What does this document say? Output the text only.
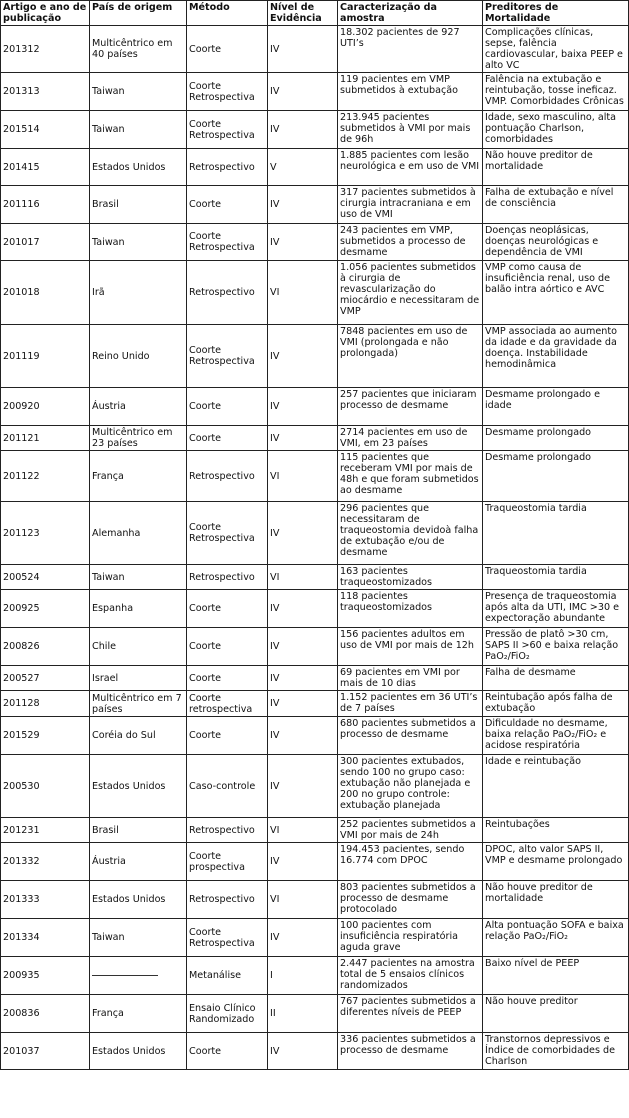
Artigo e ano de publicação	País de origem	Método	Nível de Evidência	Caracterização da amostra	Preditores de Mortalidade
201312	Multicêntrico em 40 países	Coorte	IV	18.302 pacientes de 927 UTI’s	Complicações clínicas, sepse, falência cardiovascular, baixa PEEP e alto VC
201313	Taiwan	Coorte Retrospectiva	IV	119 pacientes em VMP submetidos à extubação	Falência na extubação e reintubação, tosse ineficaz. VMP. Comorbidades Crônicas
201514	Taiwan	Coorte Retrospectiva	IV	213.945 pacientes submetidos à VMI por mais de 96h	Idade, sexo masculino, alta pontuação Charlson, comorbidades
201415	Estados Unidos	Retrospectivo	V	1.885 pacientes com lesão neurológica e em uso de VMI	Não houve preditor de mortalidade
201116	Brasil	Coorte	IV	317 pacientes submetidos à cirurgia intracraniana e em uso de VMI	Falha de extubação e nível de consciência
201017	Taiwan	Coorte Retrospectiva	IV	243 pacientes em VMP, submetidos a processo de desmame	Doenças neoplásicas, doenças neurológicas e dependência de VMI
201018	Irã	Retrospectivo	VI	1.056 pacientes submetidos à cirurgia de revascularização do miocárdio e necessitaram de VMP	VMP como causa de insuficiência renal, uso de balão intra aórtico e AVC
201119	Reino Unido	Coorte Retrospectiva	IV	7848 pacientes em uso de VMI (prolongada e não prolongada)	VMP associada ao aumento da idade e da gravidade da doença. Instabilidade hemodinâmica
200920	Áustria	Coorte	IV	257 pacientes que iniciaram processo de desmame	Desmame prolongado e idade
201121	Multicêntrico em 23 países	Coorte	IV	2714 pacientes em uso de VMI, em 23 países	Desmame prolongado
201122	França	Retrospectivo	VI	115 pacientes que receberam VMI por mais de 48h e que foram submetidos ao desmame	Desmame prolongado
201123	Alemanha	Coorte Retrospectiva	IV	296 pacientes que necessitaram de traqueostomia devidoà falha de extubação e/ou de desmame	Traqueostomia tardia
200524	Taiwan	Retrospectivo	VI	163 pacientes traqueostomizados	Traqueostomia tardia
200925	Espanha	Coorte	IV	118 pacientes traqueostomizados	Presença de traqueostomia após alta da UTI, IMC >30 e expectoração abundante
200826	Chile	Coorte	IV	156 pacientes adultos em uso de VMI por mais de 12h	Pressão de platô >30 cm, SAPS II >60 e baixa relação PaO₂/FiO₂
200527	Israel	Coorte	IV	69 pacientes em VMI por mais de 10 dias	Falha de desmame
201128	Multicêntrico em 7 países	Coorte retrospectiva	IV	1.152 pacientes em 36 UTI’s de 7 países	Reintubação após falha de extubação
201529	Coréia do Sul	Coorte	IV	680 pacientes submetidos a processo de desmame	Dificuldade no desmame, baixa relação PaO₂/FiO₂ e acidose respiratória
200530	Estados Unidos	Caso-controle	IV	300 pacientes extubados, sendo 100 no grupo caso: extubação não planejada e 200 no grupo controle: extubação planejada	Idade e reintubação
201231	Brasil	Retrospectivo	VI	252 pacientes submetidos a VMI por mais de 24h	Reintubações
201332	Áustria	Coorte prospectiva	IV	194.453 pacientes, sendo 16.774 com DPOC	DPOC, alto valor SAPS II, VMP e desmame prolongado
201333	Estados Unidos	Retrospectivo	VI	803 pacientes submetidos a processo de desmame protocolado	Não houve preditor de mortalidade
201334	Taiwan	Coorte Retrospectiva	IV	100 pacientes com insuficiência respiratória aguda grave	Alta pontuação SOFA e baixa relação PaO₂/FiO₂
200935		Metanálise	I	2.447 pacientes na amostra total de 5 ensaios clínicos randomizados	Baixo nível de PEEP
200836	França	Ensaio Clínico Randomizado	II	767 pacientes submetidos a diferentes níveis de PEEP	Não houve preditor
201037	Estados Unidos	Coorte	IV	336 pacientes submetidos a processo de desmame	Transtornos depressivos e Índice de comorbidades de Charlson
